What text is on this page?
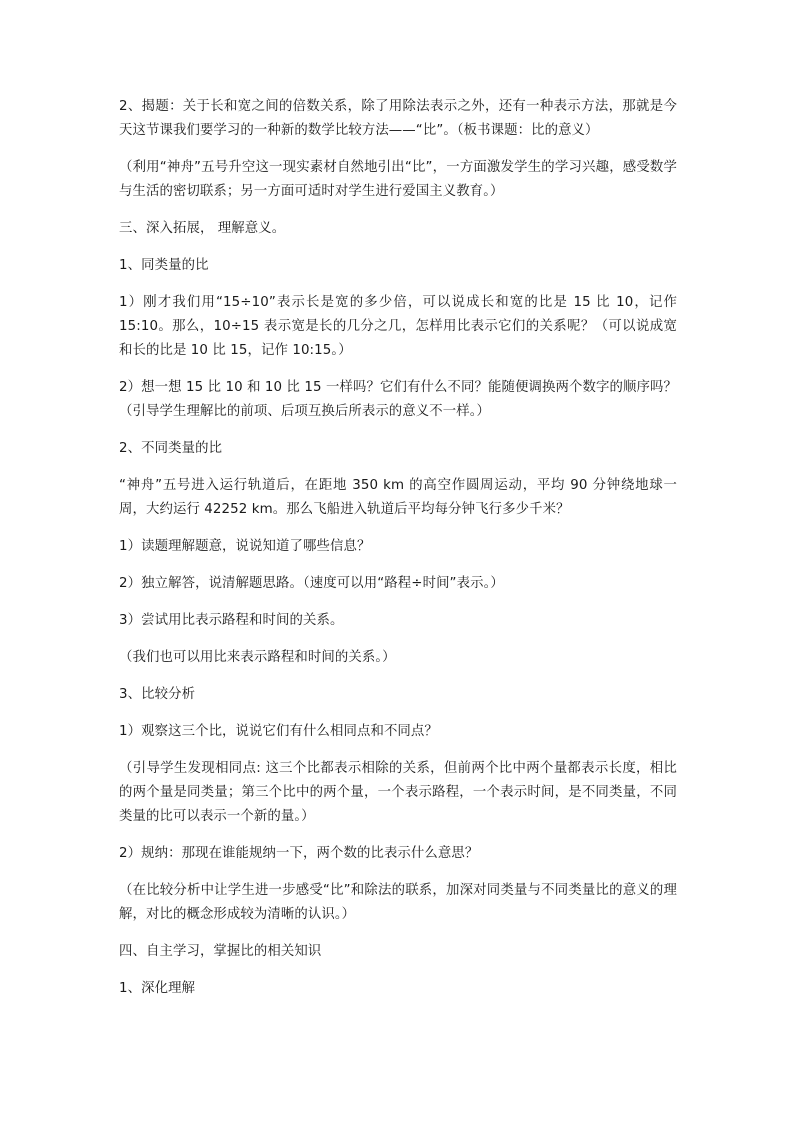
2、揭题：关于长和宽之间的倍数关系，除了用除法表示之外，还有一种表示方法，那就是今天这节课我们要学习的一种新的数学比较方法——“比”。（板书课题：比的意义）

（利用“神舟”五号升空这一现实素材自然地引出“比”，一方面激发学生的学习兴趣，感受数学与生活的密切联系；另一方面可适时对学生进行爱国主义教育。）

三、深入拓展， 理解意义。

1、同类量的比

1）刚才我们用“15÷10”表示长是宽的多少倍，可以说成长和宽的比是 15 比 10，记作 15:10。那么，10÷15 表示宽是长的几分之几，怎样用比表示它们的关系呢？（可以说成宽和长的比是 10 比 15，记作 10:15。）

2）想一想 15 比 10 和 10 比 15 一样吗？它们有什么不同？能随便调换两个数字的顺序吗？（引导学生理解比的前项、后项互换后所表示的意义不一样。）

2、不同类量的比

“神舟”五号进入运行轨道后，在距地 350 km 的高空作圆周运动，平均 90 分钟绕地球一周，大约运行 42252 km。那么飞船进入轨道后平均每分钟飞行多少千米？

1）读题理解题意，说说知道了哪些信息？

2）独立解答，说清解题思路。（速度可以用“路程÷时间”表示。）

3）尝试用比表示路程和时间的关系。

（我们也可以用比来表示路程和时间的关系。）

3、比较分析

1）观察这三个比，说说它们有什么相同点和不同点？

（引导学生发现相同点: 这三个比都表示相除的关系，但前两个比中两个量都表示长度，相比的两个量是同类量；第三个比中的两个量，一个表示路程，一个表示时间，是不同类量，不同类量的比可以表示一个新的量。）

2）规纳：那现在谁能规纳一下，两个数的比表示什么意思？

（在比较分析中让学生进一步感受“比”和除法的联系，加深对同类量与不同类量比的意义的理解，对比的概念形成较为清晰的认识。）

四、自主学习，掌握比的相关知识

1、深化理解
